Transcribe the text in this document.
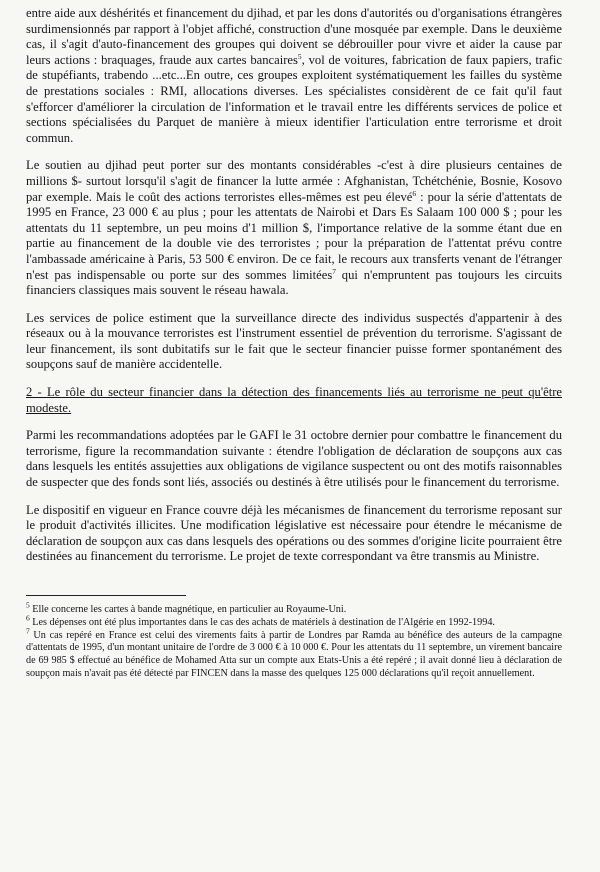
entre aide aux déshérités et financement du djihad, et par les dons d'autorités ou d'organisations étrangères surdimensionnés par rapport à l'objet affiché, construction d'une mosquée par exemple. Dans le deuxième cas, il s'agit d'auto-financement des groupes qui doivent se débrouiller pour vivre et aider la cause par leurs actions : braquages, fraude aux cartes bancaires$^5$, vol de voitures, fabrication de faux papiers, trafic de stupéfiants, trabendo ...etc...En outre, ces groupes exploitent systématiquement les failles du système de prestations sociales : RMI, allocations diverses. Les spécialistes considèrent de ce fait qu'il faut s'efforcer d'améliorer la circulation de l'information et le travail entre les différents services de police et sections spécialisées du Parquet de manière à mieux identifier l'articulation entre terrorisme et droit commun.

Le soutien au djihad peut porter sur des montants considérables -c'est à dire plusieurs centaines de millions $- surtout lorsqu'il s'agit de financer la lutte armée : Afghanistan, Tchétchénie, Bosnie, Kosovo par exemple. Mais le coût des actions terroristes elles-mêmes est peu élevé$^6$ : pour la série d'attentats de 1995 en France, 23 000 € au plus ; pour les attentats de Nairobi et Dars Es Salaam 100 000 $ ; pour les attentats du 11 septembre, un peu moins d'1 million $, l'importance relative de la somme étant due en partie au financement de la double vie des terroristes ; pour la préparation de l'attentat prévu contre l'ambassade américaine à Paris, 53 500 € environ. De ce fait, le recours aux transferts venant de l'étranger n'est pas indispensable ou porte sur des sommes limitées$^7$ qui n'empruntent pas toujours les circuits financiers classiques mais souvent le réseau hawala.

Les services de police estiment que la surveillance directe des individus suspectés d'appartenir à des réseaux ou à la mouvance terroristes est l'instrument essentiel de prévention du terrorisme. S'agissant de leur financement, ils sont dubitatifs sur le fait que le secteur financier puisse former spontanément des soupçons sauf de manière accidentelle.

2 - Le rôle du secteur financier dans la détection des financements liés au terrorisme ne peut qu'être modeste.

Parmi les recommandations adoptées par le GAFI le 31 octobre dernier pour combattre le financement du terrorisme, figure la recommandation suivante : étendre l'obligation de déclaration de soupçons aux cas dans lesquels les entités assujetties aux obligations de vigilance suspectent ou ont des motifs raisonnables de suspecter que des fonds sont liés, associés ou destinés à être utilisés pour le financement du terrorisme.

Le dispositif en vigueur en France couvre déjà les mécanismes de financement du terrorisme reposant sur le produit d'activités illicites. Une modification législative est nécessaire pour étendre le mécanisme de déclaration de soupçon aux cas dans lesquels des opérations ou des sommes d'origine licite pourraient être destinées au financement du terrorisme. Le projet de texte correspondant va être transmis au Ministre.

$^5$ Elle concerne les cartes à bande magnétique, en particulier au Royaume-Uni.

$^6$ Les dépenses ont été plus importantes dans le cas des achats de matériels à destination de l'Algérie en 1992-1994.

$^7$ Un cas repéré en France est celui des virements faits à partir de Londres par Ramda au bénéfice des auteurs de la campagne d'attentats de 1995, d'un montant unitaire de l'ordre de 3 000 € à 10 000 €. Pour les attentats du 11 septembre, un virement bancaire de 69 985 $ effectué au bénéfice de Mohamed Atta sur un compte aux Etats-Unis a été repéré ; il avait donné lieu à déclaration de soupçon mais n'avait pas été détecté par FINCEN dans la masse des quelques 125 000 déclarations qu'il reçoit annuellement.
